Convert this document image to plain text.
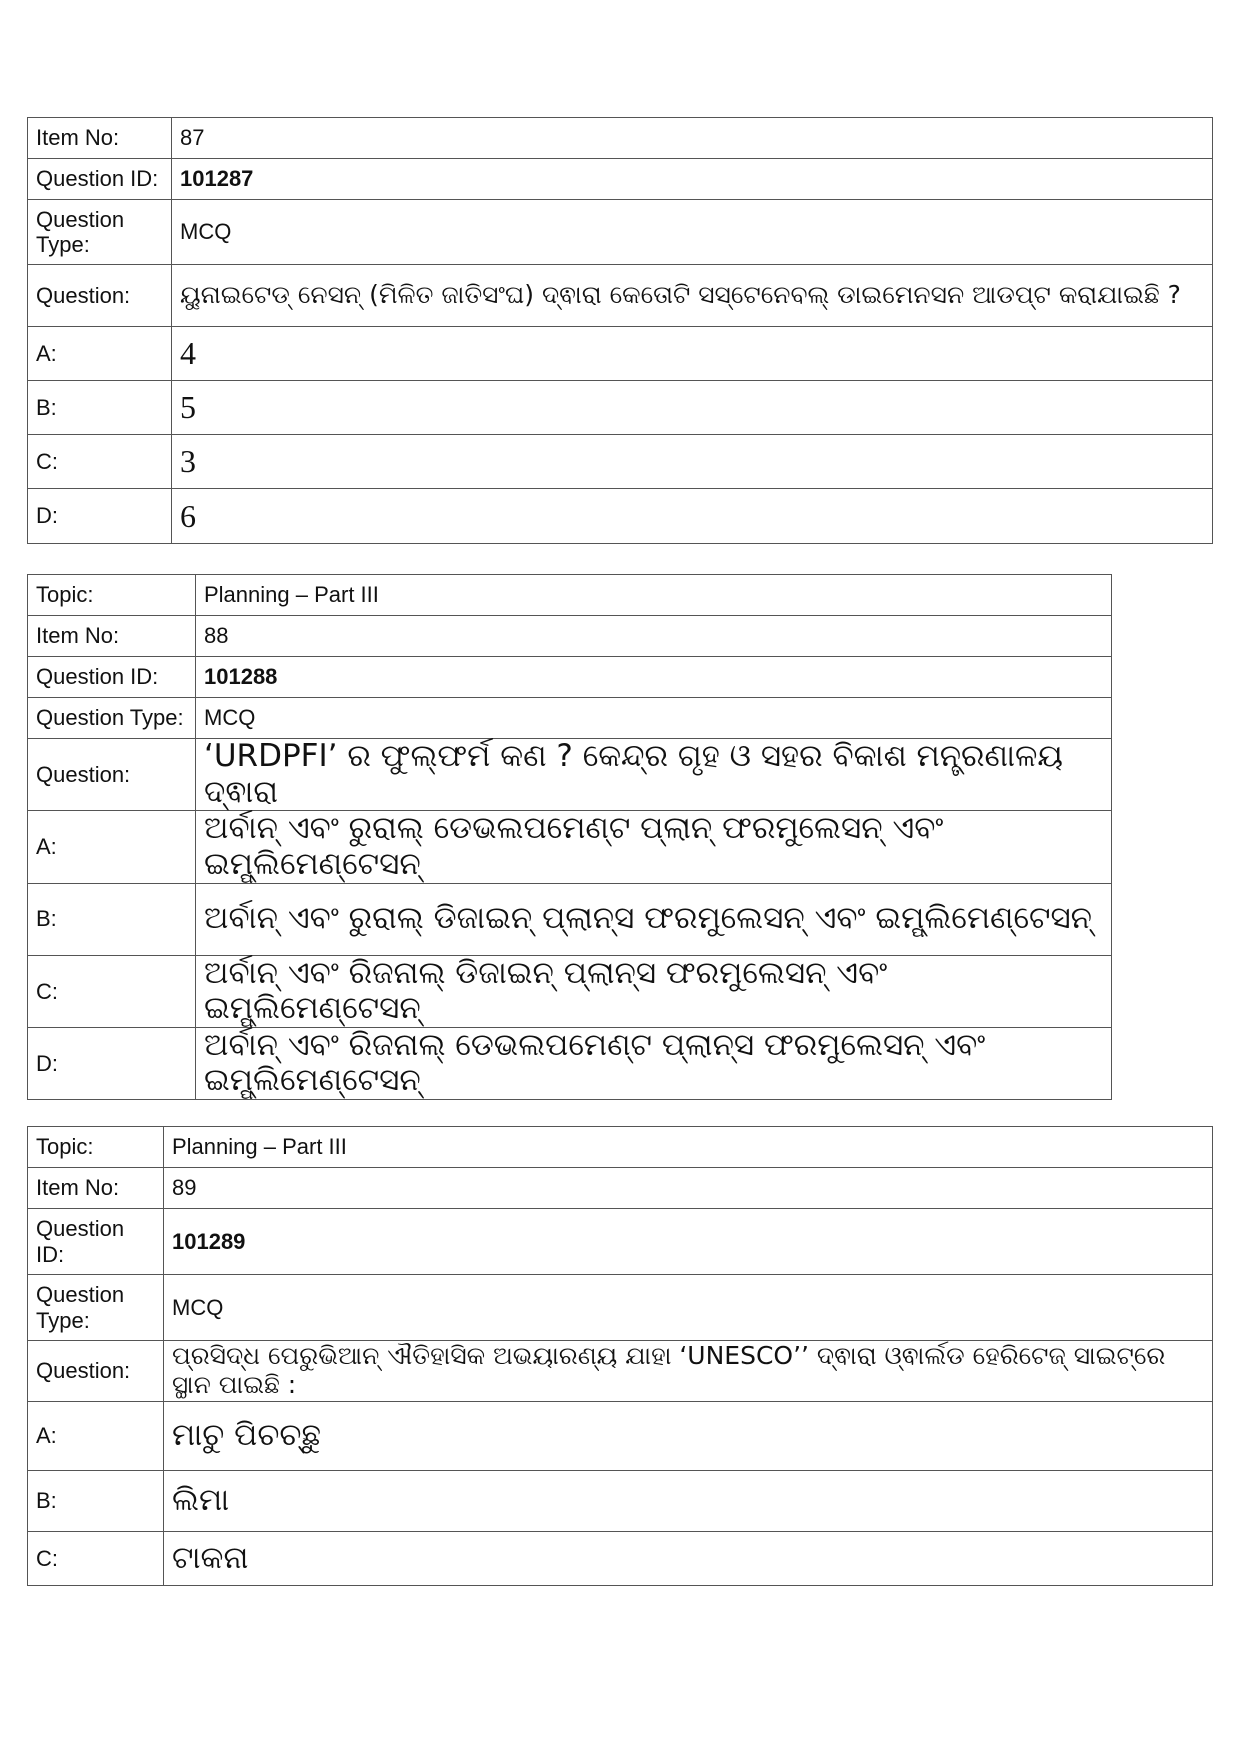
Item No:	87
Question ID:	101287
Question Type:	MCQ
Question:	ୟୁନାଇଟେଡ୍ ନେସନ୍ (ମିଳିତ ଜାତିସଂଘ) ଦ୍ଵାରା କେତୋଟି ସସ୍ଟେନେବଲ୍ ଡାଇମେନସନ ଆଡପ୍ଟ କରାଯାଇଛି ?
A:	4
B:	5
C:	3
D:	6
Topic:	Planning – Part III
Item No:	88
Question ID:	101288
Question Type:	MCQ
Question:	‘URDPFI’ ର ଫୁଲ୍‌ଫର୍ମ କଣ ? କେନ୍ଦ୍ର ଗୃହ ଓ ସହର ବିକାଶ ମନ୍ତ୍ରଣାଳୟ ଦ୍ଵାରା
A:	ଅର୍ବାନ୍ ଏବଂ ରୁରାଲ୍ ଡେଭଲପମେଣ୍ଟ ପ୍ଲାନ୍ ଫରମୁଲେସନ୍ ଏବଂ ଇମ୍ପ୍ଲିମେଣ୍ଟେସନ୍
B:	ଅର୍ବାନ୍ ଏବଂ ରୁରାଲ୍ ଡିଜାଇନ୍ ପ୍ଲାନ୍‌ସ ଫରମୁଲେସନ୍ ଏବଂ ଇମ୍ପ୍ଲିମେଣ୍ଟେସନ୍
C:	ଅର୍ବାନ୍ ଏବଂ ରିଜନାଲ୍ ଡିଜାଇନ୍ ପ୍ଲାନ୍‌ସ ଫରମୁଲେସନ୍ ଏବଂ ଇମ୍ପ୍ଲିମେଣ୍ଟେସନ୍
D:	ଅର୍ବାନ୍ ଏବଂ ରିଜନାଲ୍ ଡେଭଲପମେଣ୍ଟ ପ୍ଲାନ୍‌ସ ଫରମୁଲେସନ୍ ଏବଂ ଇମ୍ପ୍ଲିମେଣ୍ଟେସନ୍
Topic:	Planning – Part III
Item No:	89
Question ID:	101289
Question Type:	MCQ
Question:	ପ୍ରସିଦ୍ଧ ପେରୁଭିଆନ୍ ଐତିହାସିକ ଅଭୟାରଣ୍ୟ ଯାହା ‘UNESCO’’ ଦ୍ଵାରା ଓ୍ଵାର୍ଲଡ ହେରିଟେଜ୍ ସାଇଟ୍‌ରେ ସ୍ଥାନ ପାଇଛି :
A:	ମାଚୁ ପିଚଚ୍ଛୁ
B:	ଲିମା
C:	ଟାକନା
